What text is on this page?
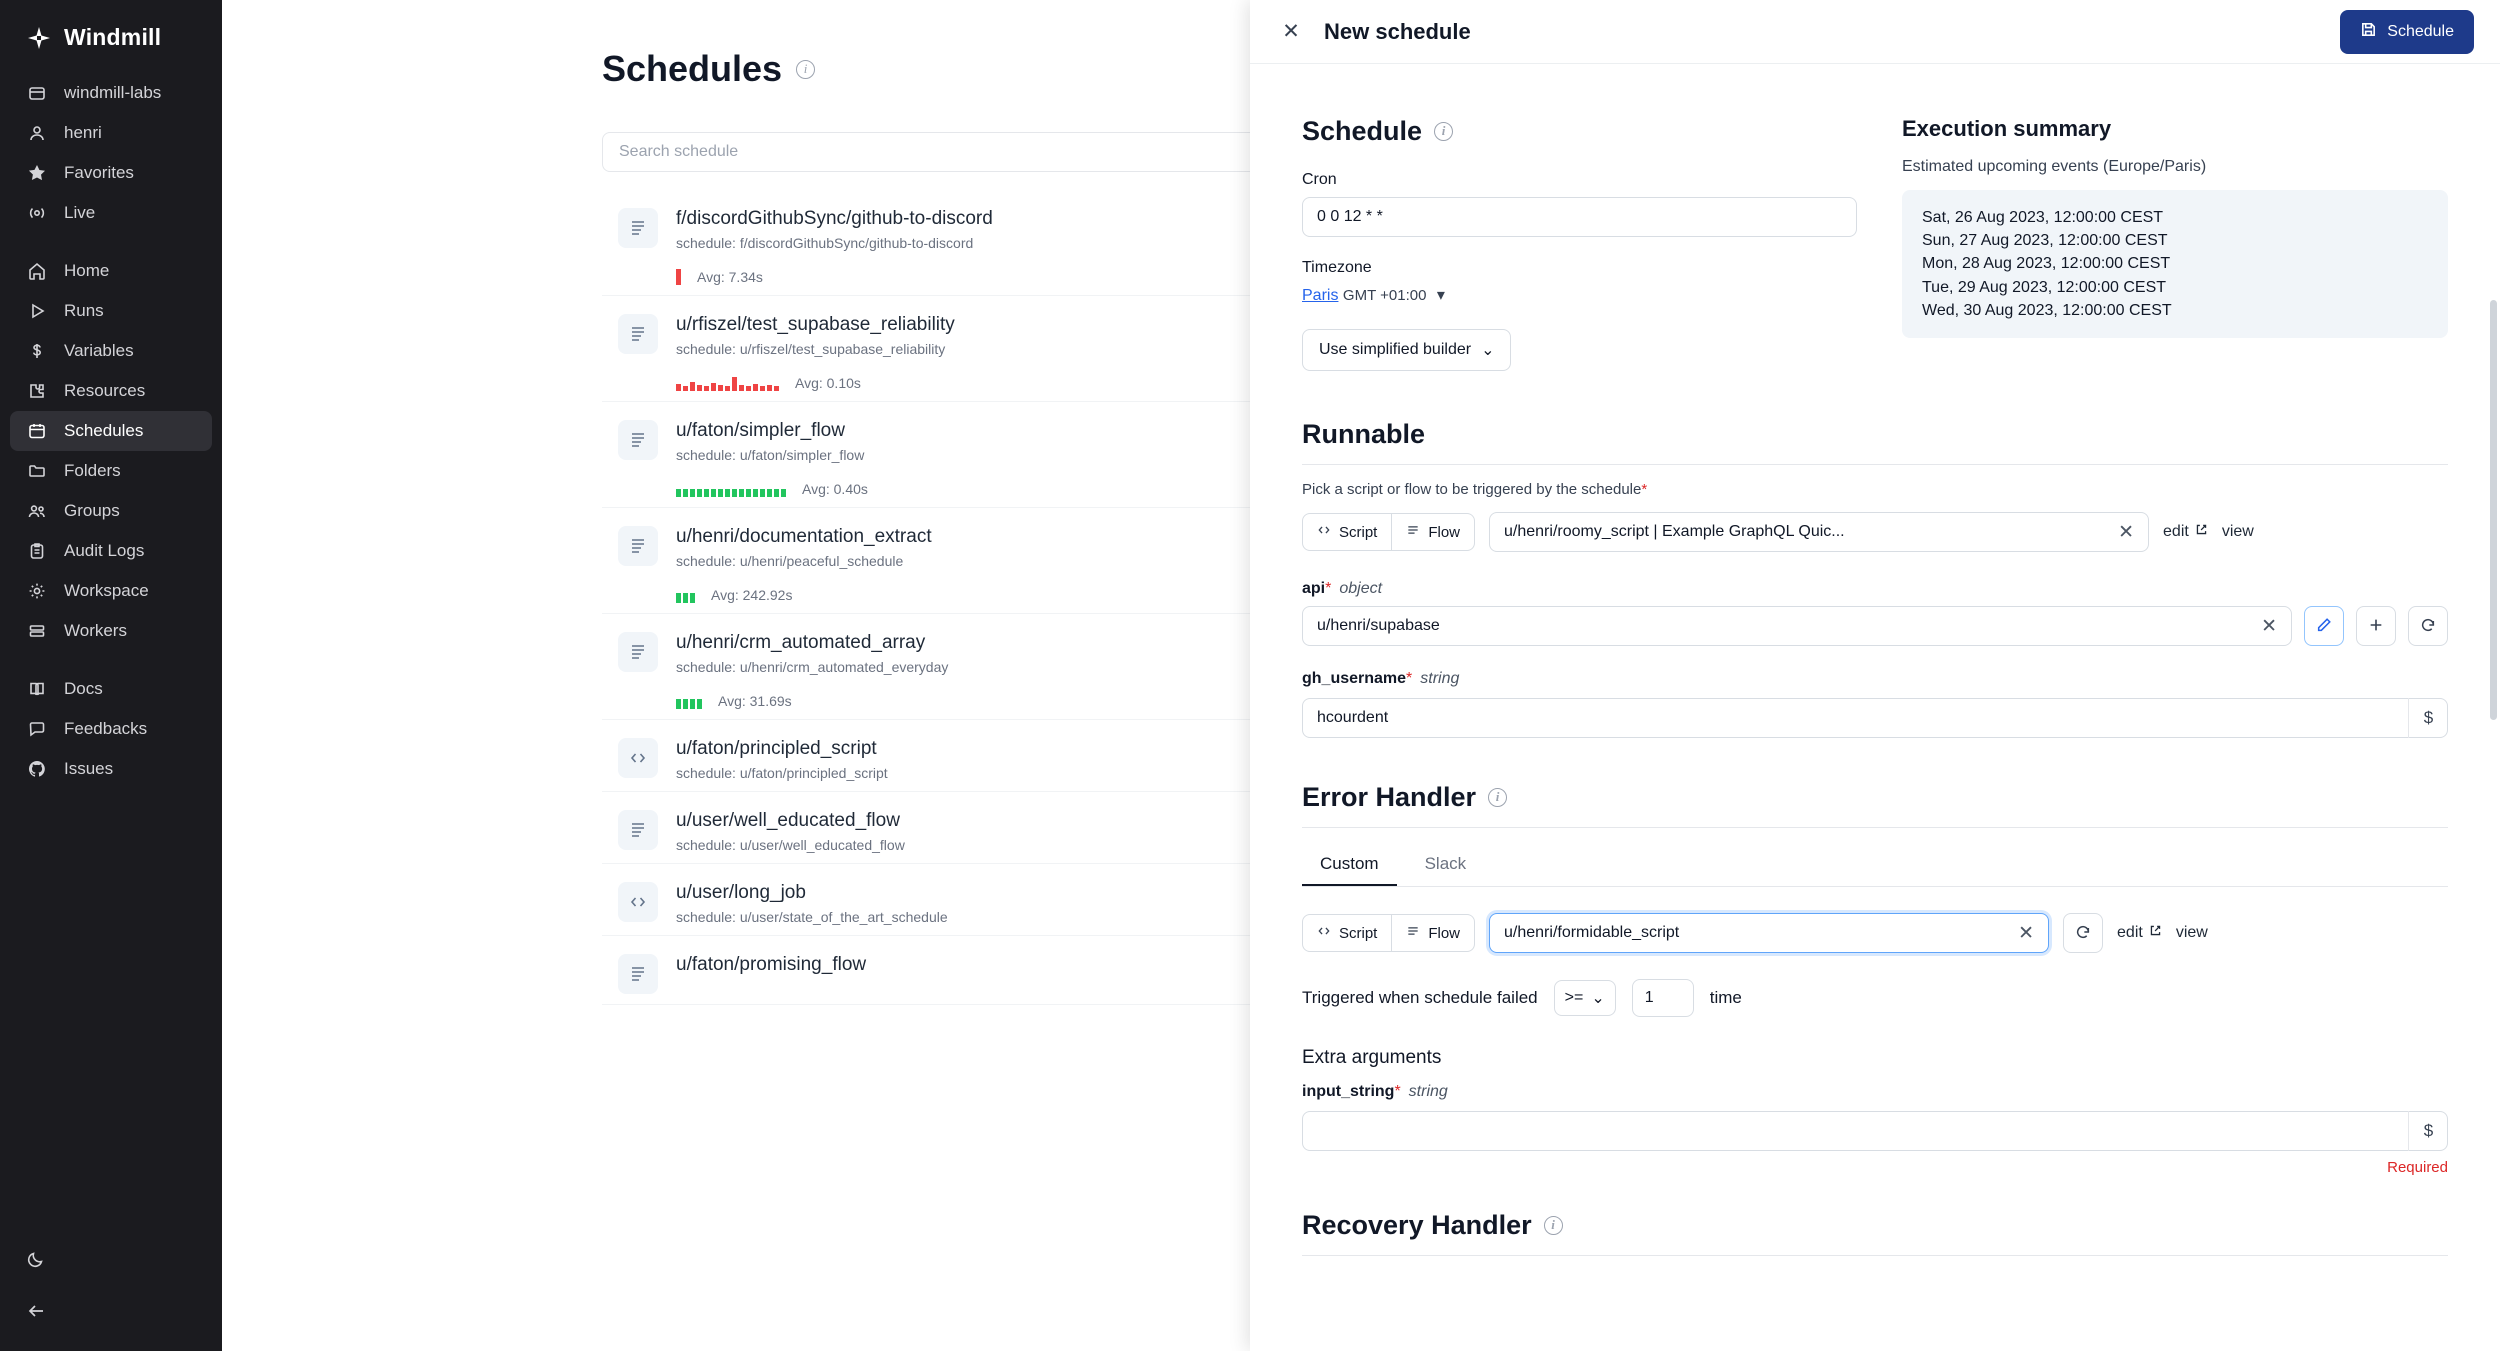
Windmill
windmill-labs
henri
Favorites
Live
Home
Runs
Variables
Resources
Schedules
Folders
Groups
Audit Logs
Workspace
Workers
Docs
Feedbacks
Issues
Schedules	i
Search schedule
f/discordGithubSync/github-to-discord
schedule: f/discordGithubSync/github-to-discord
Avg: 7.34s
u/rfiszel/test_supabase_reliability
schedule: u/rfiszel/test_supabase_reliability
Avg: 0.10s
u/faton/simpler_flow
schedule: u/faton/simpler_flow
Avg: 0.40s
u/henri/documentation_extract
schedule: u/henri/peaceful_schedule
Avg: 242.92s
u/henri/crm_automated_array
schedule: u/henri/crm_automated_everyday
Avg: 31.69s
u/faton/principled_script
schedule: u/faton/principled_script
u/user/well_educated_flow
schedule: u/user/well_educated_flow
u/user/long_job
schedule: u/user/state_of_the_art_schedule
u/faton/promising_flow
✕ New schedule	Schedule
Schedule	i
Cron
0 0 12 * *
Timezone
Paris GMT +01:00 ▾
Use simplified builder ⌄
Execution summary
Estimated upcoming events (Europe/Paris)
Sat, 26 Aug 2023, 12:00:00 CEST
Sun, 27 Aug 2023, 12:00:00 CEST
Mon, 28 Aug 2023, 12:00:00 CEST
Tue, 29 Aug 2023, 12:00:00 CEST
Wed, 30 Aug 2023, 12:00:00 CEST
Runnable
Pick a script or flow to be triggered by the schedule*
Script	Flow	u/henri/roomy_script | Example GraphQL Quic...	✕ edit view
api* object
u/henri/supabase	✕
gh_username* string
hcourdent	$
Error Handler	i
Custom	Slack
Script	Flow	u/henri/formidable_script	✕	edit view
Triggered when schedule failed >= ⌄	1	time
Extra arguments
input_string* string
$
Required
Recovery Handler	i
